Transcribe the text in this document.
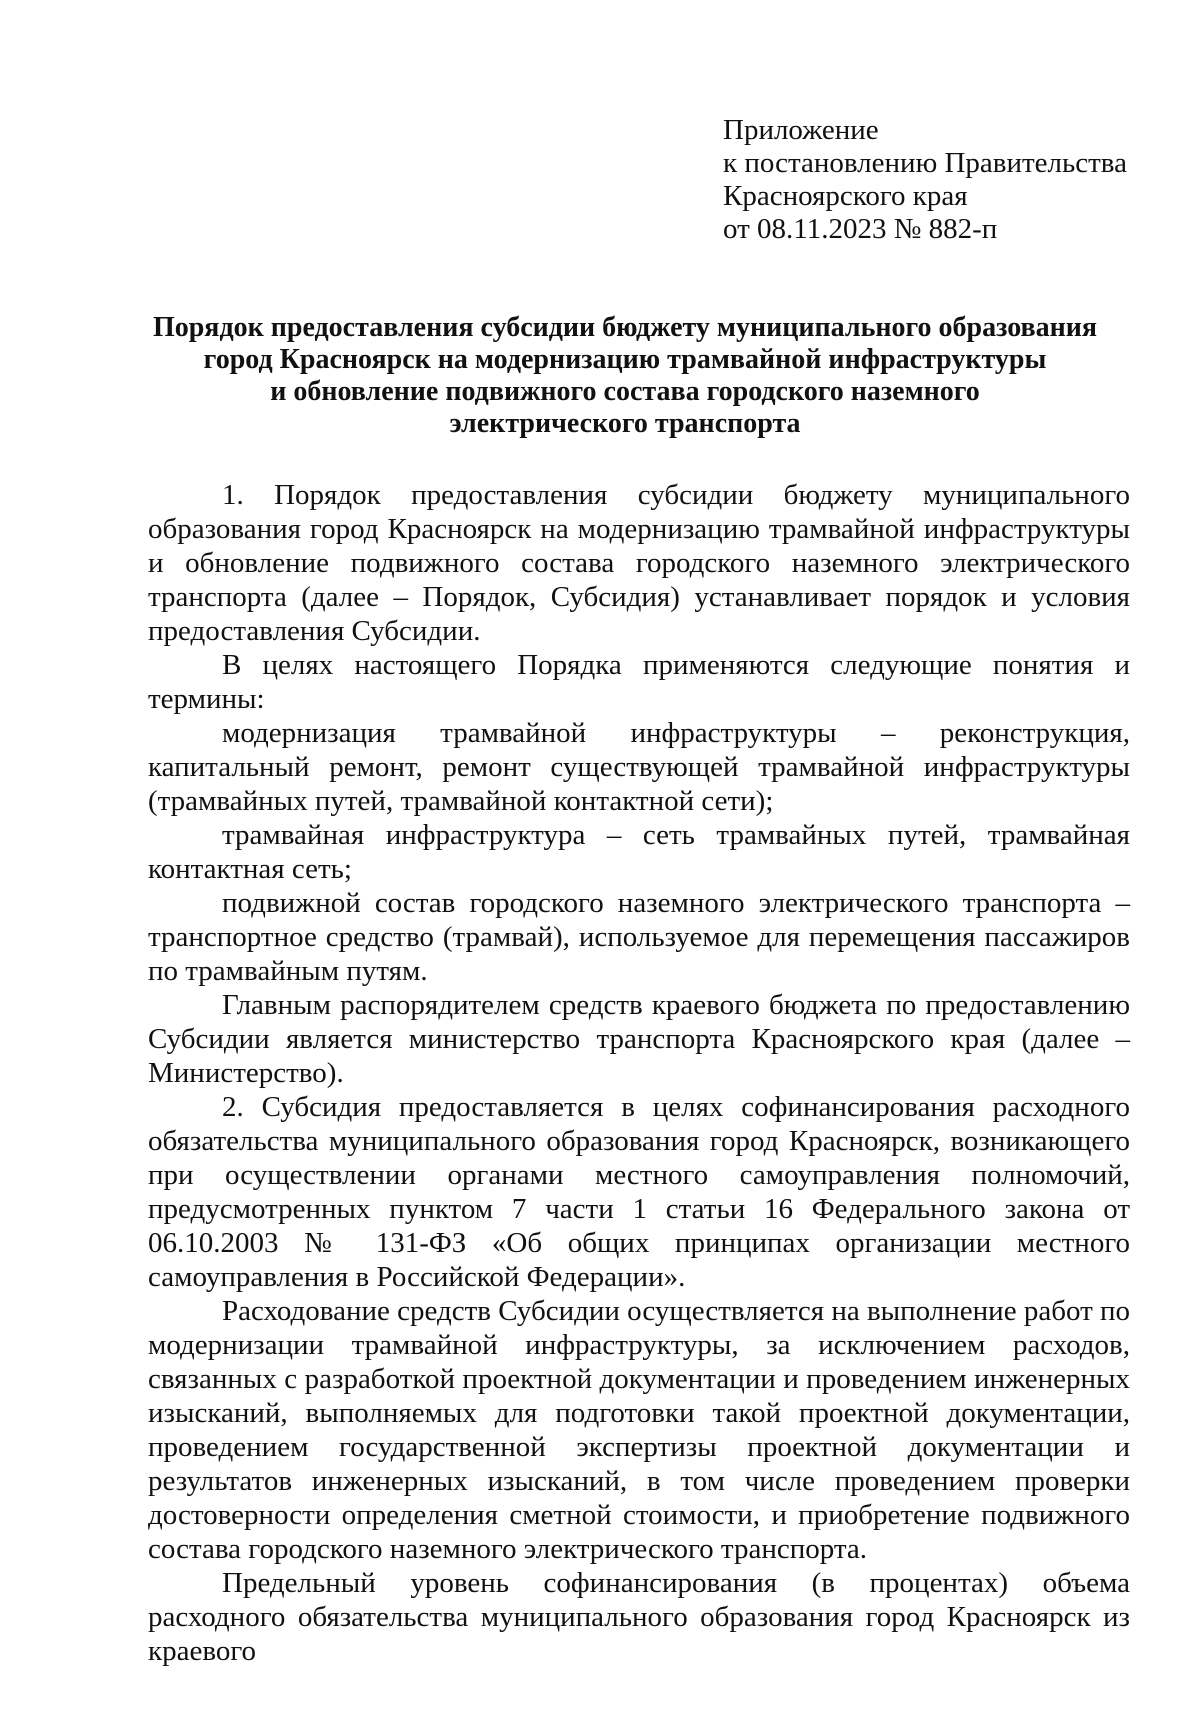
Приложение
к постановлению Правительства
Красноярского края
от 08.11.2023 № 882-п
Порядок предоставления субсидии бюджету муниципального образования
город Красноярск на модернизацию трамвайной инфраструктуры
и обновление подвижного состава городского наземного
электрического транспорта

1. Порядок предоставления субсидии бюджету муниципального образования город Красноярск на модернизацию трамвайной инфраструктуры и обновление подвижного состава городского наземного электрического транспорта (далее – Порядок, Субсидия) устанавливает порядок и условия предоставления Субсидии.

В целях настоящего Порядка применяются следующие понятия и термины:

модернизация трамвайной инфраструктуры – реконструкция, капитальный ремонт, ремонт существующей трамвайной инфраструктуры (трамвайных путей, трамвайной контактной сети);

трамвайная инфраструктура – сеть трамвайных путей, трамвайная контактная сеть;

подвижной состав городского наземного электрического транспорта – транспортное средство (трамвай), используемое для перемещения пассажиров по трамвайным путям.

Главным распорядителем средств краевого бюджета по предоставлению Субсидии является министерство транспорта Красноярского края (далее – Министерство).

2. Субсидия предоставляется в целях софинансирования расходного обязательства муниципального образования город Красноярск, возникающего при осуществлении органами местного самоуправления полномочий, предусмотренных пунктом 7 части 1 статьи 16 Федерального закона от 06.10.2003 № 131-ФЗ «Об общих принципах организации местного самоуправления в Российской Федерации».

Расходование средств Субсидии осуществляется на выполнение работ по модернизации трамвайной инфраструктуры, за исключением расходов, связанных с разработкой проектной документации и проведением инженерных изысканий, выполняемых для подготовки такой проектной документации, проведением государственной экспертизы проектной документации и результатов инженерных изысканий, в том числе проведением проверки достоверности определения сметной стоимости, и приобретение подвижного состава городского наземного электрического транспорта.

Предельный уровень софинансирования (в процентах) объема расходного обязательства муниципального образования город Красноярск из краевого
